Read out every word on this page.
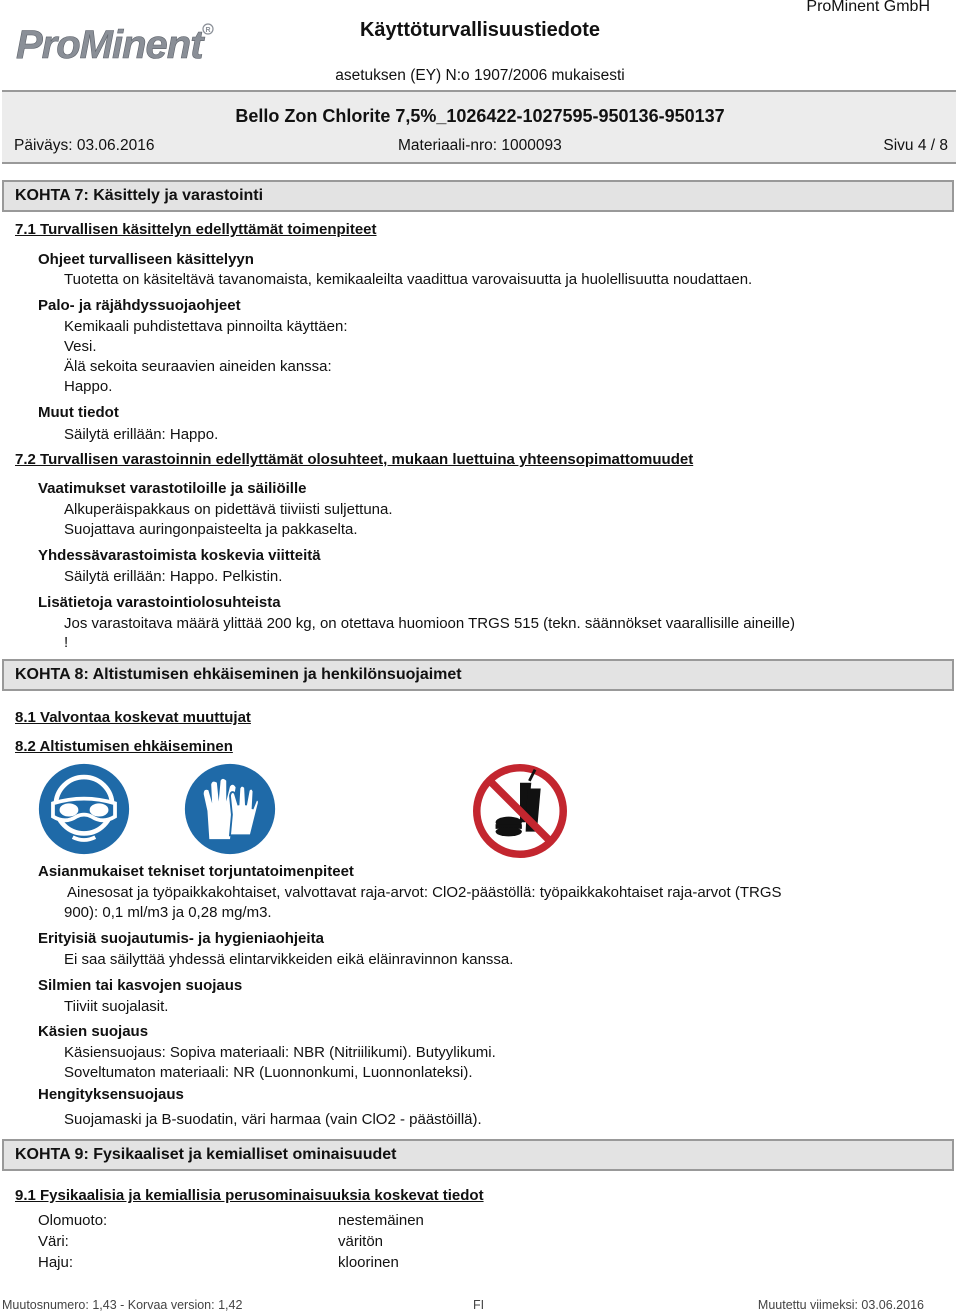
ProMinent R	Käyttöturvallisuustiedote
ProMinent GmbH
asetuksen (EY) N:o 1907/2006 mukaisesti
Bello Zon Chlorite 7,5%_1026422-1027595-950136-950137
Päiväys: 03.06.2016	Materiaali-nro: 1000093	Sivu 4 / 8
KOHTA 7: Käsittely ja varastointi
7.1 Turvallisen käsittelyn edellyttämät toimenpiteet
Ohjeet turvalliseen käsittelyyn
Tuotetta on käsiteltävä tavanomaista, kemikaaleilta vaadittua varovaisuutta ja huolellisuutta noudattaen.
Palo- ja räjähdyssuojaohjeet
Kemikaali puhdistettava pinnoilta käyttäen:
Vesi.
Älä sekoita seuraavien aineiden kanssa:
Happo.
Muut tiedot
Säilytä erillään: Happo.
7.2 Turvallisen varastoinnin edellyttämät olosuhteet, mukaan luettuina yhteensopimattomuudet
Vaatimukset varastotiloille ja säiliöille
Alkuperäispakkaus on pidettävä tiiviisti suljettuna.
Suojattava auringonpaisteelta ja pakkaselta.
Yhdessävarastoimista koskevia viitteitä
Säilytä erillään: Happo. Pelkistin.
Lisätietoja varastointiolosuhteista
Jos varastoitava määrä ylittää 200 kg, on otettava huomioon TRGS 515 (tekn. säännökset vaarallisille aineille)
!
KOHTA 8: Altistumisen ehkäiseminen ja henkilönsuojaimet
8.1 Valvontaa koskevat muuttujat
8.2 Altistumisen ehkäiseminen
Asianmukaiset tekniset torjuntatoimenpiteet
Ainesosat ja työpaikkakohtaiset, valvottavat raja-arvot: ClO2-päästöllä: työpaikkakohtaiset raja-arvot (TRGS
900): 0,1 ml/m3 ja 0,28 mg/m3.
Erityisiä suojautumis- ja hygieniaohjeita
Ei saa säilyttää yhdessä elintarvikkeiden eikä eläinravinnon kanssa.
Silmien tai kasvojen suojaus
Tiiviit suojalasit.
Käsien suojaus
Käsiensuojaus: Sopiva materiaali: NBR (Nitriilikumi). Butyylikumi.
Soveltumaton materiaali: NR (Luonnonkumi, Luonnonlateksi).
Hengityksensuojaus
Suojamaski ja B-suodatin, väri harmaa (vain ClO2 - päästöillä).
KOHTA 9: Fysikaaliset ja kemialliset ominaisuudet
9.1 Fysikaalisia ja kemiallisia perusominaisuuksia koskevat tiedot
Olomuoto:	nestemäinen
Väri:	väritön
Haju:	kloorinen
Muutosnumero: 1,43 - Korvaa version: 1,42	FI	Muutettu viimeksi: 03.06.2016
